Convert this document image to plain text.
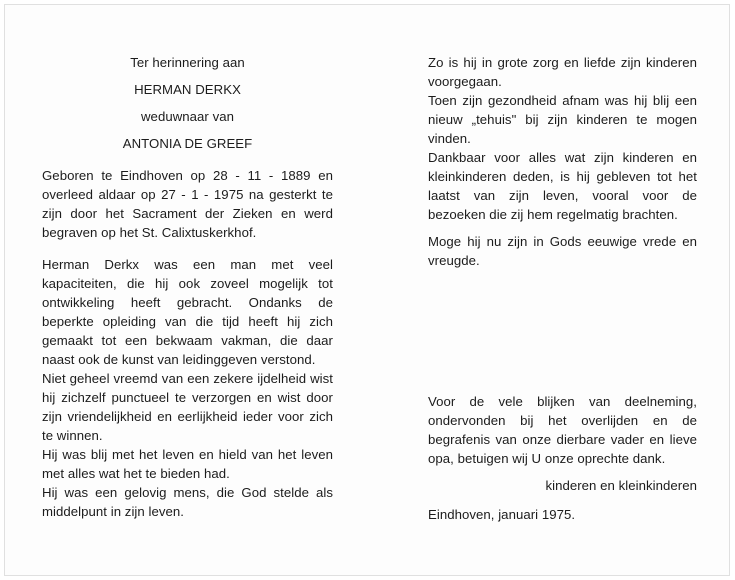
Ter herinnering aan
HERMAN DERKX
weduwnaar van
ANTONIA DE GREEF
Geboren te Eindhoven op 28 - 11 - 1889 en overleed aldaar op 27 - 1 - 1975 na gesterkt te zijn door het Sacrament der Zieken en werd begraven op het St. Calixtuskerkhof.
Herman Derkx was een man met veel kapaciteiten, die hij ook zoveel mogelijk tot ontwikkeling heeft gebracht. Ondanks de beperkte opleiding van die tijd heeft hij zich gemaakt tot een bekwaam vakman, die daar naast ook de kunst van leidinggeven verstond.
Niet geheel vreemd van een zekere ijdelheid wist hij zichzelf punctueel te verzorgen en wist door zijn vriendelijkheid en eerlijkheid ieder voor zich te winnen.
Hij was blij met het leven en hield van het leven met alles wat het te bieden had.
Hij was een gelovig mens, die God stelde als middelpunt in zijn leven.
Zo is hij in grote zorg en liefde zijn kinderen voorgegaan.
Toen zijn gezondheid afnam was hij blij een nieuw „tehuis" bij zijn kinderen te mogen vinden.
Dankbaar voor alles wat zijn kinderen en kleinkinderen deden, is hij gebleven tot het laatst van zijn leven, vooral voor de bezoeken die zij hem regelmatig brachten.
Moge hij nu zijn in Gods eeuwige vrede en vreugde.
Voor de vele blijken van deelneming, ondervonden bij het overlijden en de begrafenis van onze dierbare vader en lieve opa, betuigen wij U onze oprechte dank.
kinderen en kleinkinderen
Eindhoven, januari 1975.
